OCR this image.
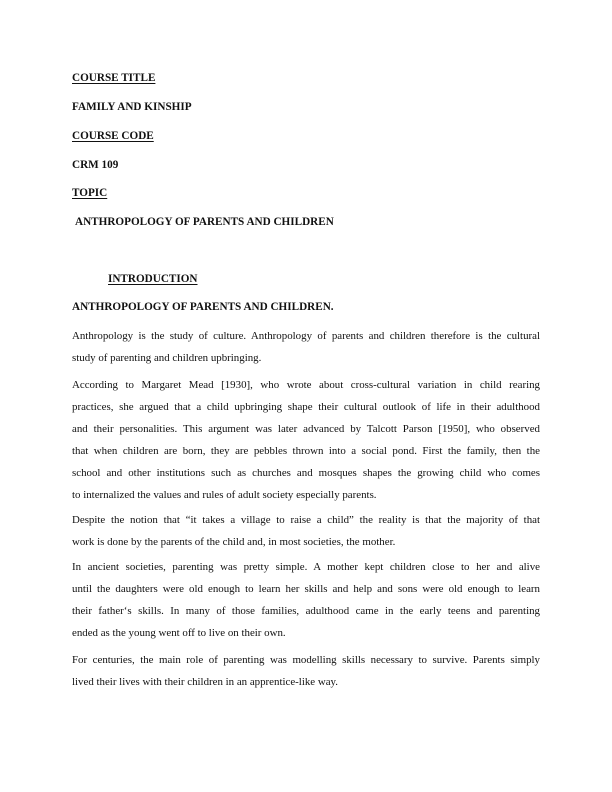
COURSE TITLE
FAMILY AND KINSHIP
COURSE CODE
CRM 109
TOPIC
ANTHROPOLOGY OF PARENTS AND CHILDREN
INTRODUCTION
ANTHROPOLOGY OF PARENTS AND CHILDREN.
Anthropology is the study of culture. Anthropology of parents and children therefore is the cultural
study of parenting and children upbringing.
According to Margaret Mead [1930], who wrote about cross-cultural variation in child rearing
practices, she argued that a child upbringing shape their cultural outlook of life in their adulthood
and their personalities. This argument was later advanced by Talcott Parson [1950], who observed
that when children are born, they are pebbles thrown into a social pond. First the family, then the
school and other institutions such as churches and mosques shapes the growing child who comes
to internalized the values and rules of adult society especially parents.
Despite the notion that “it takes a village to raise a child” the reality is that the majority of that
work is done by the parents of the child and, in most societies, the mother.
In ancient societies, parenting was pretty simple. A mother kept children close to her and alive
until the daughters were old enough to learn her skills and help and sons were old enough to learn
their father‘s skills. In many of those families, adulthood came in the early teens and parenting
ended as the young went off to live on their own.
For centuries, the main role of parenting was modelling skills necessary to survive. Parents simply
lived their lives with their children in an apprentice-like way.
